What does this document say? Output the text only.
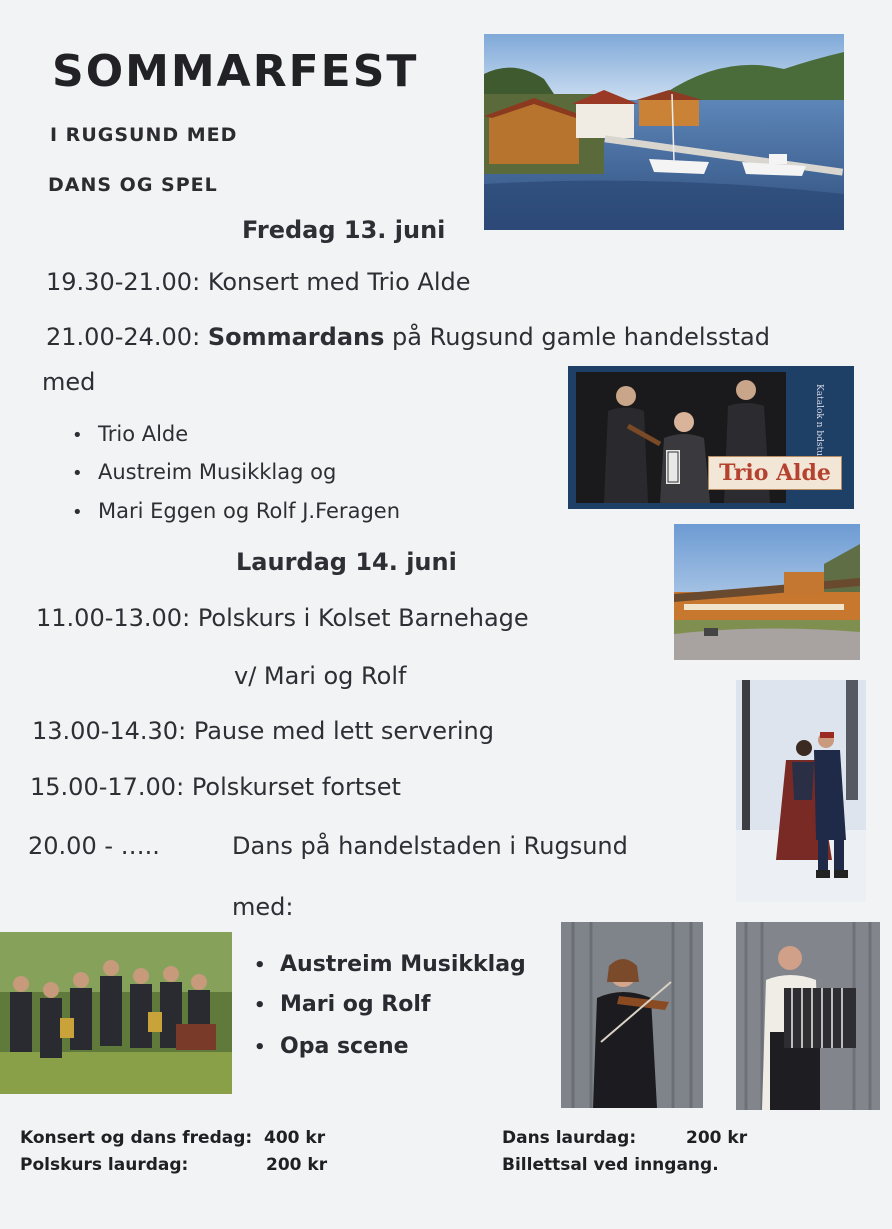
SOMMARFEST
I RUGSUND MED
DANS OG SPEL
Fredag 13. juni
19.30-21.00: Konsert med Trio Alde
21.00-24.00: Sommardans på Rugsund gamle handelsstad
med
• Trio Alde
• Austreim Musikklag og
• Mari Eggen og Rolf J.Feragen
Trio Alde
Katalok n bdstu
Laurdag 14. juni
11.00-13.00: Polskurs i Kolset Barnehage
v/ Mari og Rolf
13.00-14.30: Pause med lett servering
15.00-17.00: Polskurset fortset
20.00 - …..	Dans på handelstaden i Rugsund
med:
• Austreim Musikklag
• Mari og Rolf
• Opa scene
Konsert og dans fredag: 400 kr
Polskurs laurdag:	200 kr
Dans laurdag:	200 kr
Billettsal ved inngang.
